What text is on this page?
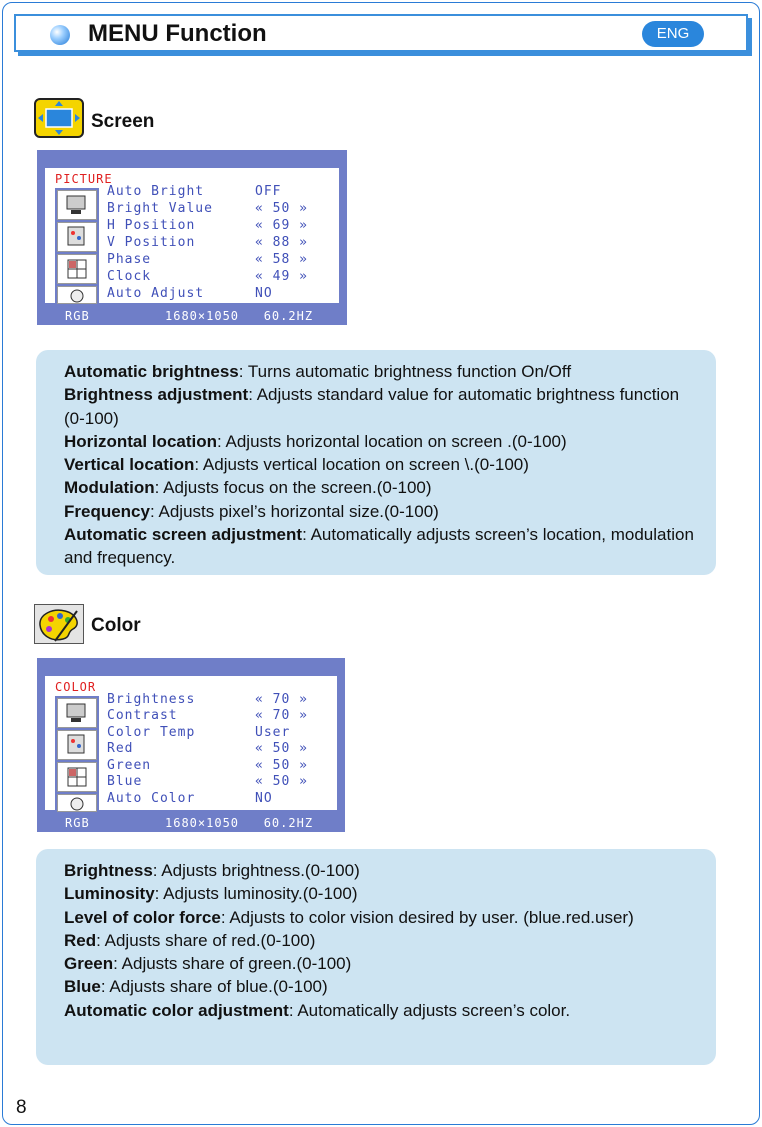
MENU Function	ENG
Screen
PICTURE
Auto Bright	OFF
Bright Value	« 50 »
H Position	« 69 »
V Position	« 88 »
Phase	« 58 »
Clock	« 49 »
Auto Adjust	NO
RGB	1680×1050   60.2HZ

Automatic brightness: Turns automatic brightness function On/Off

Brightness adjustment: Adjusts standard value for automatic brightness function (0-100)

Horizontal location: Adjusts horizontal location on screen .(0-100)

Vertical location: Adjusts vertical location on screen \.(0-100)

Modulation: Adjusts focus on the screen.(0-100)

Frequency: Adjusts pixel’s horizontal size.(0-100)

Automatic screen adjustment: Automatically adjusts screen’s location, modulation and frequency.

Color
COLOR
Brightness	« 70 »
Contrast	« 70 »
Color Temp	User
Red	« 50 »
Green	« 50 »
Blue	« 50 »
Auto Color	NO
RGB	1680×1050   60.2HZ

Brightness: Adjusts brightness.(0-100)

Luminosity: Adjusts luminosity.(0-100)

Level of color force: Adjusts to color vision desired by user. (blue.red.user)

Red: Adjusts share of red.(0-100)

Green: Adjusts share of green.(0-100)

Blue: Adjusts share of blue.(0-100)

Automatic color adjustment: Automatically adjusts screen’s color.

8
